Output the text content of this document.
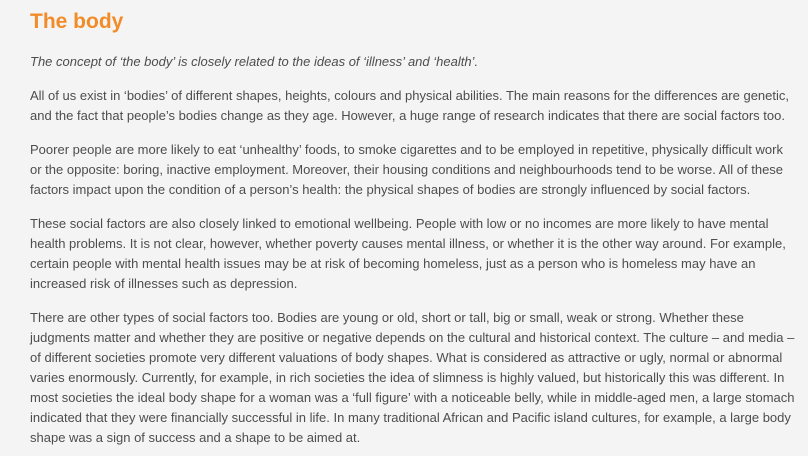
The body

The concept of ‘the body’ is closely related to the ideas of ‘illness’ and ‘health’.

All of us exist in ‘bodies’ of different shapes, heights, colours and physical abilities. The main reasons for the differences are genetic, and the fact that people’s bodies change as they age. However, a huge range of research indicates that there are social factors too.

Poorer people are more likely to eat ‘unhealthy’ foods, to smoke cigarettes and to be employed in repetitive, physically difficult work or the opposite: boring, inactive employment. Moreover, their housing conditions and neighbourhoods tend to be worse. All of these factors impact upon the condition of a person’s health: the physical shapes of bodies are strongly influenced by social factors.

These social factors are also closely linked to emotional wellbeing. People with low or no incomes are more likely to have mental health problems. It is not clear, however, whether poverty causes mental illness, or whether it is the other way around. For example, certain people with mental health issues may be at risk of becoming homeless, just as a person who is homeless may have an increased risk of illnesses such as depression.

There are other types of social factors too. Bodies are young or old, short or tall, big or small, weak or strong. Whether these judgments matter and whether they are positive or negative depends on the cultural and historical context. The culture – and media – of different societies promote very different valuations of body shapes. What is considered as attractive or ugly, normal or abnormal varies enormously. Currently, for example, in rich societies the idea of slimness is highly valued, but historically this was different. In most societies the ideal body shape for a woman was a ‘full figure’ with a noticeable belly, while in middle-aged men, a large stomach indicated that they were financially successful in life. In many traditional African and Pacific island cultures, for example, a large body shape was a sign of success and a shape to be aimed at.
